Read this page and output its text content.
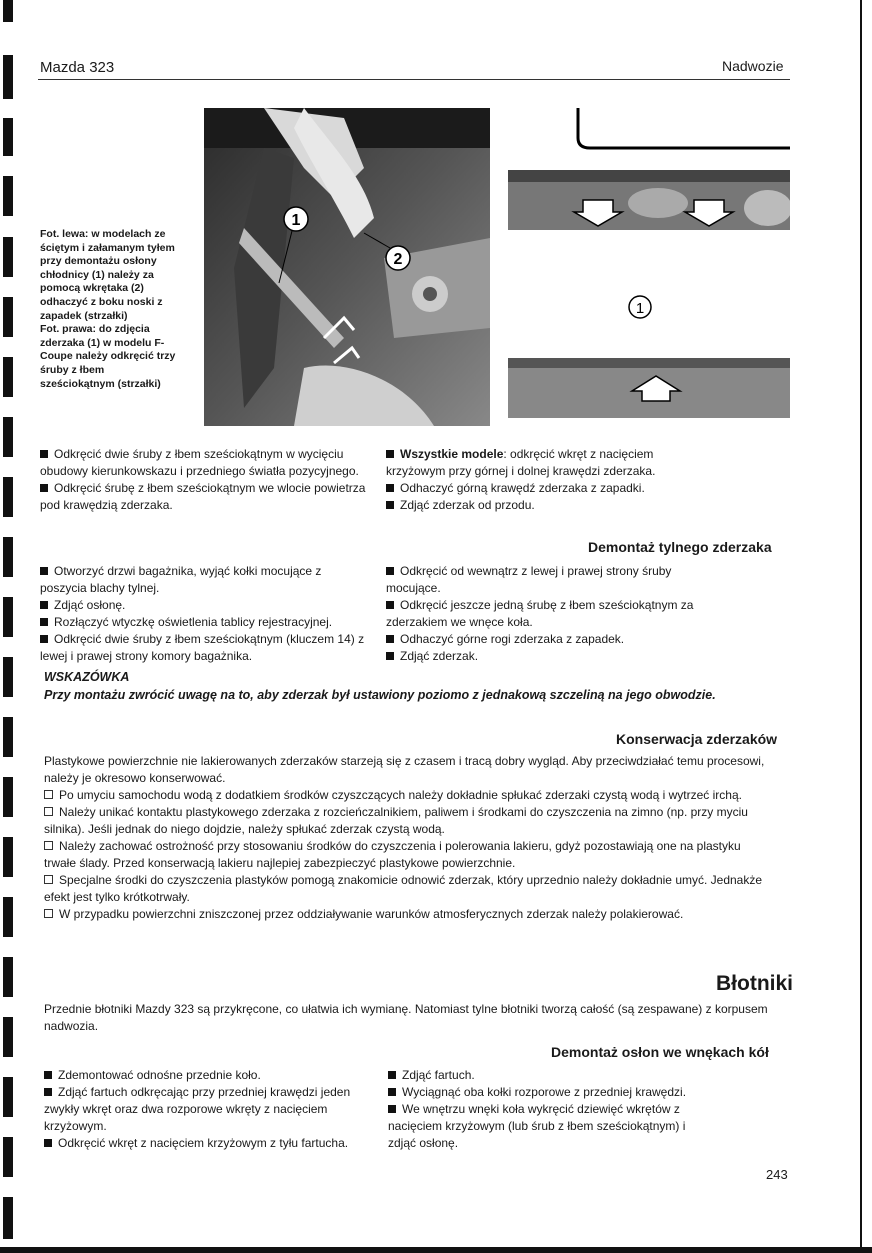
Mazda 323	Nadwozie

Fot. lewa: w modelach ze ściętym i załamanym tyłem przy demontażu osłony chłodnicy (1) należy za pomocą wkrętaka (2) odhaczyć z boku noski z zapadek (strzałki)

Fot. prawa: do zdjęcia zderzaka (1) w modelu F-Coupe należy odkręcić trzy śruby z łbem sześciokątnym (strzałki)

1
2
1

Odkręcić dwie śruby z łbem sześciokątnym w wycięciu obudowy kierunkowskazu i przedniego światła pozycyjnego.

Odkręcić śrubę z łbem sześciokątnym we wlocie powietrza pod krawędzią zderzaka.

Wszystkie modele: odkręcić wkręt z nacięciem krzyżowym przy górnej i dolnej krawędzi zderzaka.

Odhaczyć górną krawędź zderzaka z zapadki.

Zdjąć zderzak od przodu.

Demontaż tylnego zderzaka

Otworzyć drzwi bagażnika, wyjąć kołki mocujące z poszycia blachy tylnej.

Zdjąć osłonę.

Rozłączyć wtyczkę oświetlenia tablicy rejestracyjnej.

Odkręcić dwie śruby z łbem sześciokątnym (kluczem 14) z lewej i prawej strony komory bagażnika.

Odkręcić od wewnątrz z lewej i prawej strony śruby mocujące.

Odkręcić jeszcze jedną śrubę z łbem sześciokątnym za zderzakiem we wnęce koła.

Odhaczyć górne rogi zderzaka z zapadek.

Zdjąć zderzak.

WSKAZÓWKA
Przy montażu zwrócić uwagę na to, aby zderzak był ustawiony poziomo z jednakową szczeliną na jego obwodzie.
Konserwacja zderzaków

Plastykowe powierzchnie nie lakierowanych zderzaków starzeją się z czasem i tracą dobry wygląd. Aby przeciwdziałać temu procesowi, należy je okresowo konserwować.

Po umyciu samochodu wodą z dodatkiem środków czyszczących należy dokładnie spłukać zderzaki czystą wodą i wytrzeć irchą.

Należy unikać kontaktu plastykowego zderzaka z rozcieńczalnikiem, paliwem i środkami do czyszczenia na zimno (np. przy myciu silnika). Jeśli jednak do niego dojdzie, należy spłukać zderzak czystą wodą.

Należy zachować ostrożność przy stosowaniu środków do czyszczenia i polerowania lakieru, gdyż pozostawiają one na plastyku trwałe ślady. Przed konserwacją lakieru najlepiej zabezpieczyć plastykowe powierzchnie.

Specjalne środki do czyszczenia plastyków pomogą znakomicie odnowić zderzak, który uprzednio należy dokładnie umyć. Jednakże efekt jest tylko krótkotrwały.

W przypadku powierzchni zniszczonej przez oddziaływanie warunków atmosferycznych zderzak należy polakierować.

Błotniki
Przednie błotniki Mazdy 323 są przykręcone, co ułatwia ich wymianę. Natomiast tylne błotniki tworzą całość (są zespawane) z korpusem nadwozia.
Demontaż osłon we wnękach kół

Zdemontować odnośne przednie koło.

Zdjąć fartuch odkręcając przy przedniej krawędzi jeden zwykły wkręt oraz dwa rozporowe wkręty z nacięciem krzyżowym.

Odkręcić wkręt z nacięciem krzyżowym z tyłu fartucha.

Zdjąć fartuch.

Wyciągnąć oba kołki rozporowe z przedniej krawędzi.

We wnętrzu wnęki koła wykręcić dziewięć wkrętów z nacięciem krzyżowym (lub śrub z łbem sześciokątnym) i zdjąć osłonę.

243
